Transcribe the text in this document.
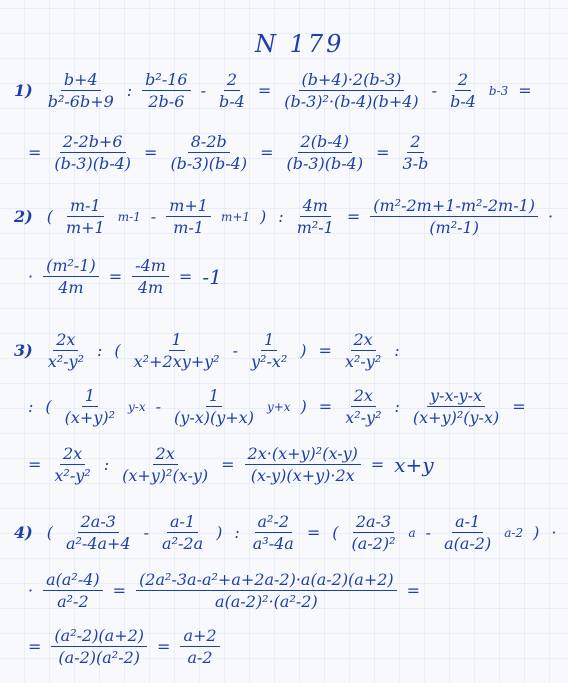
N 179
$1) \frac{b+4}{\text{b²-6b+9}}$ : $\frac{\text{b²-16}}{2b-6} - \frac{2}{b-4} = \frac{(b+4)\cdot 2(b-3)}{\text{(b-3)²·(b-4)(b+4)}} - \frac{2}{b-4} b-3$ =
= $\frac{2-2b+6}{(b-3)(b-4)} = \frac{8-2b}{(b-3)(b-4)} = \frac{2(b-4)}{(b-3)(b-4)} = \frac{2}{3-b}$
2) ( $\frac{m-1}{m+1} m-1 - \frac{m+1}{m-1} m+1$ ) : $\frac{4m}{\text{m²-1}} = \frac{\text{(m²-2m+1-m²-2m-1)}}{\text{(m²-1)}}$ ·
· $\frac{\text{(m²-1)}}{4m} = \frac{-4m}{4m} = -1$
$3) \frac{2x}{\text{x²-y²}}$ : ( $\frac{1}{\text{x²+2xy+y²}} - \frac{1}{\text{y²-x²}}$ ) = $\frac{2x}{\text{x²-y²}}$ :
: ( $\frac{1}{\text{(x+y)²}} y-x - \frac{1}{(y-x)(y+x)} y+x$ ) = $\frac{2x}{\text{x²-y²}}$ : $\frac{y-x-y-x}{\text{(x+y)²(y-x)}}$ =
= $\frac{2x}{\text{x²-y²}}$ : $\frac{2x}{\text{(x+y)²(x-y)}} = \frac{\text{2x·(x+y)²(x-y)}}{(x-y)(x+y)\cdot 2x} = x+y$
4) ( $\frac{2a-3}{\text{a²-4a+4}} - \frac{a-1}{\text{a²-2a}}$ ) : $\frac{\text{a²-2}}{\text{a³-4a}}$ = ( $\frac{2a-3}{\text{(a-2)²}}$ a - $\frac{a-1}{a(a-2)} a-2$ ) ·
· $\frac{\text{a(a²-4)}}{\text{a²-2}} = \frac{\text{(2a²-3a-a²+a+2a-2)·a(a-2)(a+2)}}{\text{a(a-2)²·(a²-2)}}$ =
= $\frac{\text{(a²-2)(a+2)}}{\text{(a-2)(a²-2)}} = \frac{a+2}{a-2}$
